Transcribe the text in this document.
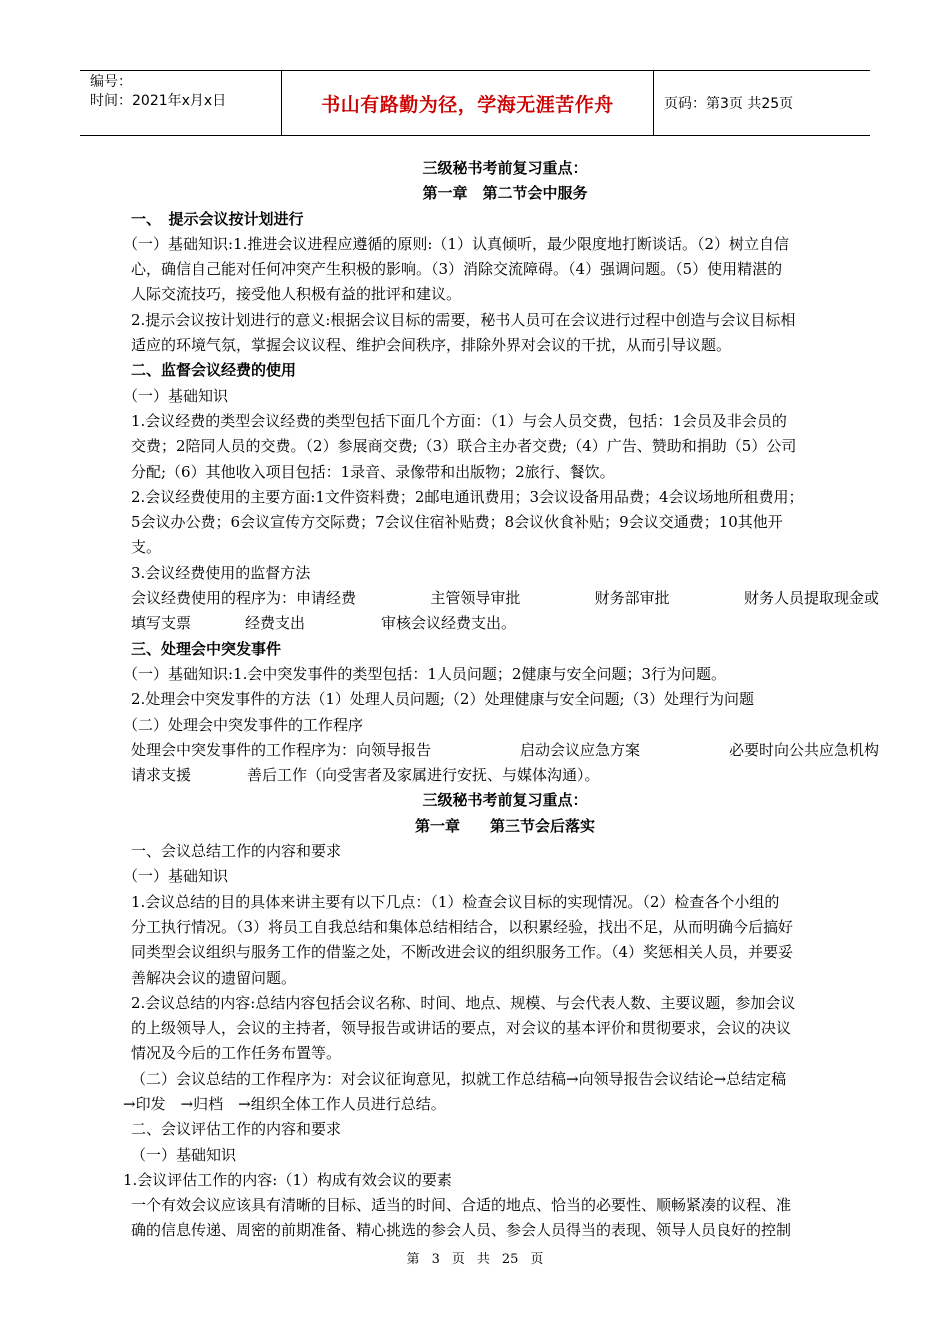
编号：
时间：2021年x月x日	书山有路勤为径，学海无涯苦作舟	页码：第3页 共25页
三级秘书考前复习重点：
第一章　第二节会中服务
一、　提示会议按计划进行
（一）基础知识:1.推进会议进程应遵循的原则:（1）认真倾听，最少限度地打断谈话。（2）树立自信
心，确信自己能对任何冲突产生积极的影响。（3）消除交流障碍。（4）强调问题。（5）使用精湛的
人际交流技巧，接受他人积极有益的批评和建议。
2.提示会议按计划进行的意义:根据会议目标的需要，秘书人员可在会议进行过程中创造与会议目标相
适应的环境气氛，掌握会议议程、维护会间秩序，排除外界对会议的干扰，从而引导议题。
二、监督会议经费的使用
（一）基础知识
1.会议经费的类型会议经费的类型包括下面几个方面：（1）与会人员交费，包括：1会员及非会员的
交费；2陪同人员的交费。（2）参展商交费;（3）联合主办者交费;（4）广告、赞助和捐助（5）公司
分配;（6）其他收入项目包括：1录音、录像带和出版物；2旅行、餐饮。
2.会议经费使用的主要方面:1文件资料费；2邮电通讯费用；3会议设备用品费；4会议场地所租费用；
5会议办公费；6会议宣传方交际费；7会议住宿补贴费；8会议伙食补贴；9会议交通费；10其他开
支。
3.会议经费使用的监督方法
会议经费使用的程序为：申请经费	主管领导审批	财务部审批	财务人员提取现金或
填写支票	经费支出	审核会议经费支出。
三、处理会中突发事件
（一）基础知识:1.会中突发事件的类型包括：1人员问题；2健康与安全问题；3行为问题。
2.处理会中突发事件的方法（1）处理人员问题;（2）处理健康与安全问题;（3）处理行为问题
（二）处理会中突发事件的工作程序
处理会中突发事件的工作程序为：向领导报告	启动会议应急方案	必要时向公共应急机构
请求支援	善后工作（向受害者及家属进行安抚、与媒体沟通）。
三级秘书考前复习重点：
第一章　　第三节会后落实
一、会议总结工作的内容和要求
（一）基础知识
1.会议总结的目的具体来讲主要有以下几点：（1）检查会议目标的实现情况。（2）检查各个小组的
分工执行情况。（3）将员工自我总结和集体总结相结合，以积累经验，找出不足，从而明确今后搞好
同类型会议组织与服务工作的借鉴之处，不断改进会议的组织服务工作。（4）奖惩相关人员，并要妥
善解决会议的遗留问题。
2.会议总结的内容:总结内容包括会议名称、时间、地点、规模、与会代表人数、主要议题，参加会议
的上级领导人，会议的主持者，领导报告或讲话的要点，对会议的基本评价和贯彻要求，会议的决议
情况及今后的工作任务布置等。
（二）会议总结的工作程序为：对会议征询意见，拟就工作总结稿→向领导报告会议结论→总结定稿
→印发　→归档　→组织全体工作人员进行总结。
二、会议评估工作的内容和要求
（一）基础知识
1.会议评估工作的内容:（1）构成有效会议的要素
一个有效会议应该具有清晰的目标、适当的时间、合适的地点、恰当的必要性、顺畅紧凑的议程、准
确的信息传递、周密的前期准备、精心挑选的参会人员、参会人员得当的表现、领导人员良好的控制
第 3 页 共 25 页
